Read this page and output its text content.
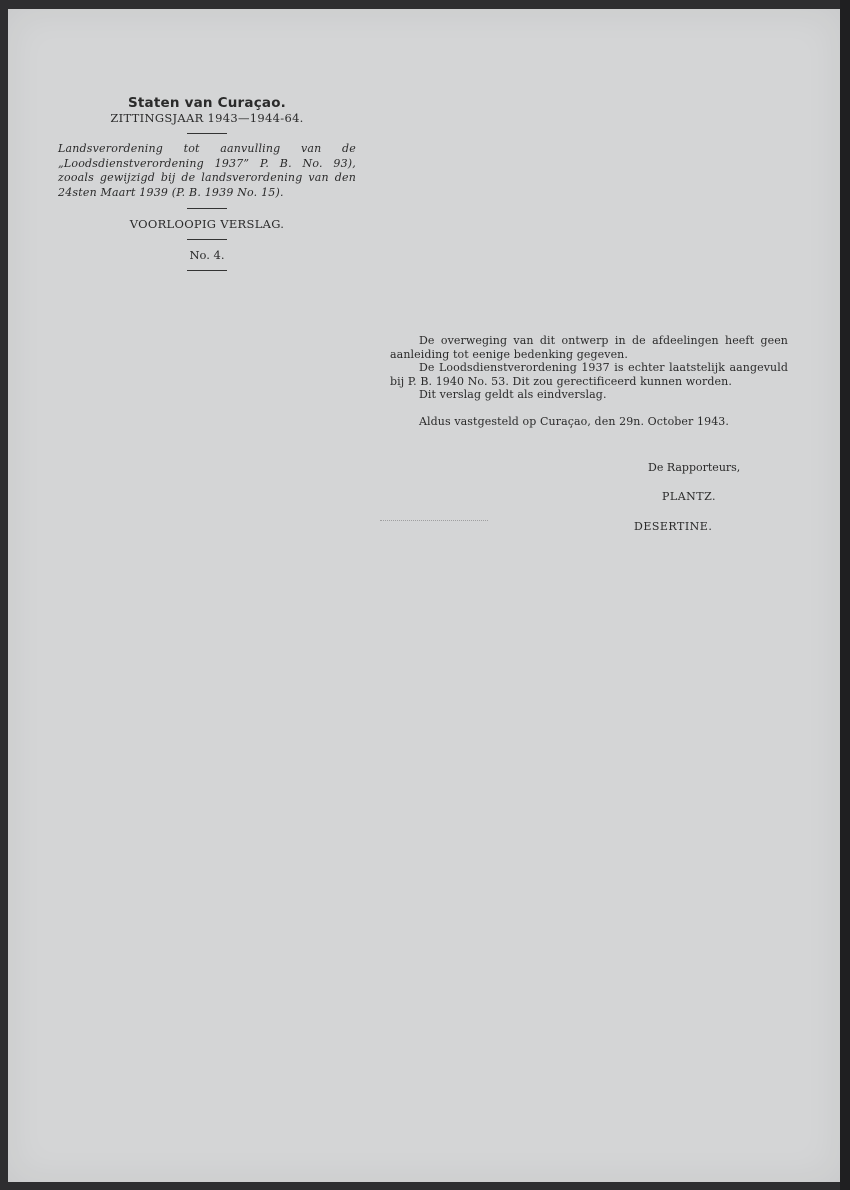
Staten van Curaçao.

ZITTINGSJAAR 1943—1944-64.

Landsverordening tot aanvulling van de „Loodsdienstverordening 1937” P. B. No. 93), zooals gewijzigd bij de landsverordening van den 24sten Maart 1939 (P. B. 1939 No. 15).

VOORLOOPIG VERSLAG.

No. 4.

De overweging van dit ontwerp in de afdeelingen heeft geen aanleiding tot eenige bedenking gegeven.

De Loodsdienstverordening 1937 is echter laatstelijk aangevuld bij P. B. 1940 No. 53. Dit zou gerectificeerd kunnen worden.

Dit verslag geldt als eindverslag.

Aldus vastgesteld op Curaçao, den 29n. October 1943.

De Rapporteurs,
PLANTZ.
DESERTINE.
